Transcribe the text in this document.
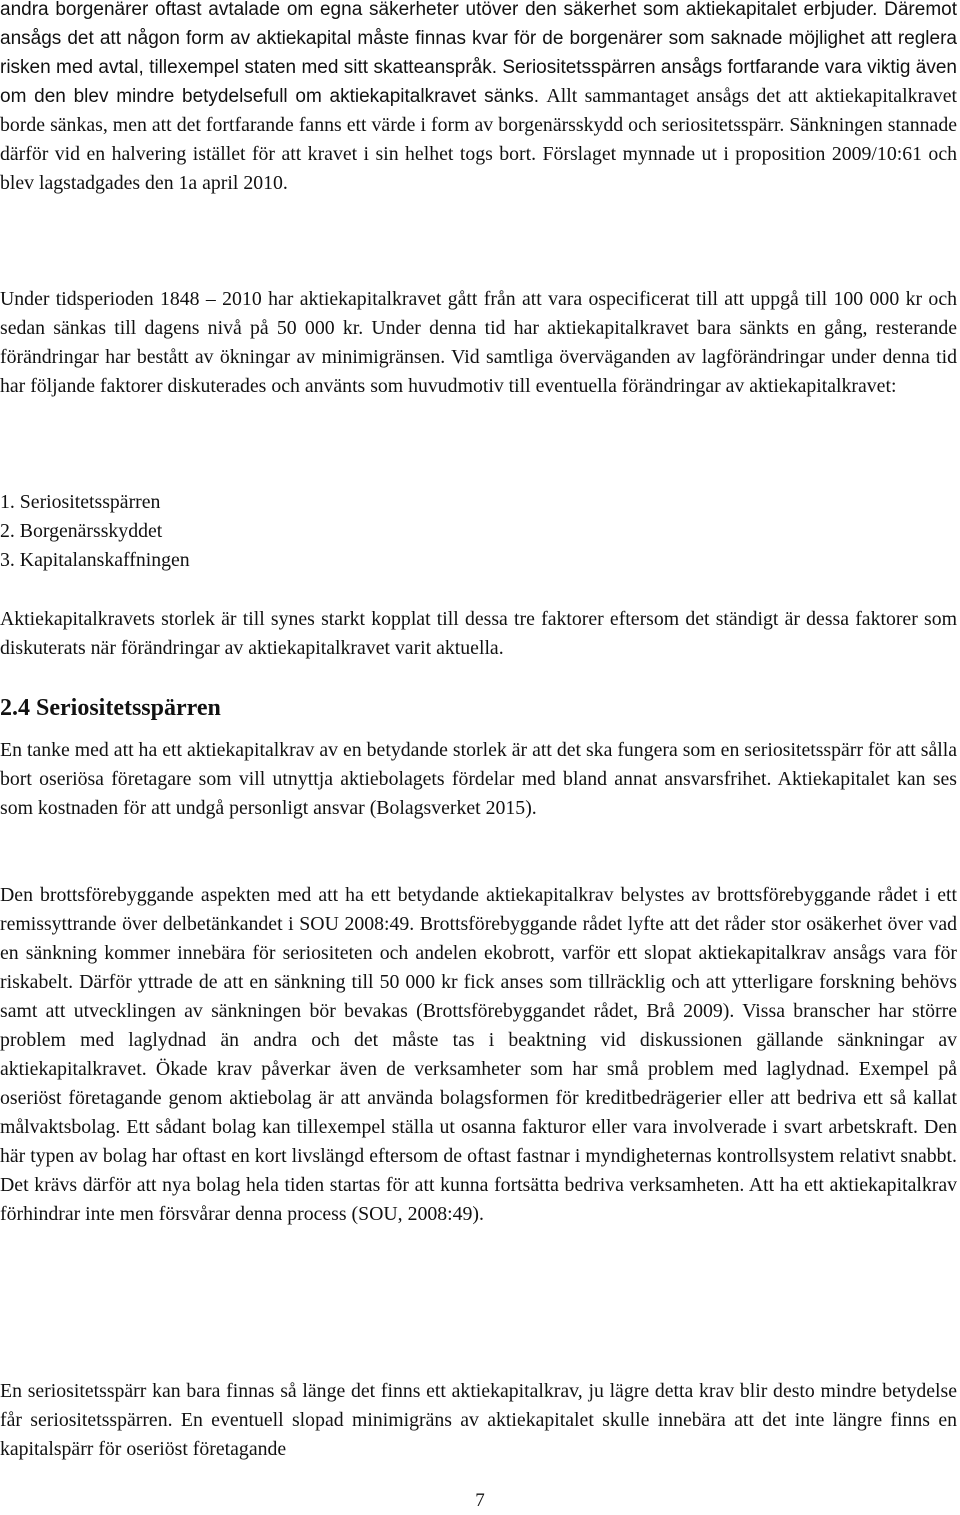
andra borgenärer oftast avtalade om egna säkerheter utöver den säkerhet som aktiekapitalet erbjuder. Däremot ansågs det att någon form av aktiekapital måste finnas kvar för de borgenärer som saknade möjlighet att reglera risken med avtal, tillexempel staten med sitt skatteanspråk. Seriositetsspärren ansågs fortfarande vara viktig även om den blev mindre betydelsefull om aktiekapitalkravet sänks. Allt sammantaget ansågs det att aktiekapitalkravet borde sänkas, men att det fortfarande fanns ett värde i form av borgenärsskydd och seriositetsspärr. Sänkningen stannade därför vid en halvering istället för att kravet i sin helhet togs bort. Förslaget mynnade ut i proposition 2009/10:61 och blev lagstadgades den 1a april 2010.

Under tidsperioden 1848 – 2010 har aktiekapitalkravet gått från att vara ospecificerat till att uppgå till 100 000 kr och sedan sänkas till dagens nivå på 50 000 kr. Under denna tid har aktiekapitalkravet bara sänkts en gång, resterande förändringar har bestått av ökningar av minimigränsen. Vid samtliga överväganden av lagförändringar under denna tid har följande faktorer diskuterades och använts som huvudmotiv till eventuella förändringar av aktiekapitalkravet:

1. Seriositetsspärren
2. Borgenärsskyddet
3. Kapitalanskaffningen

Aktiekapitalkravets storlek är till synes starkt kopplat till dessa tre faktorer eftersom det ständigt är dessa faktorer som diskuterats när förändringar av aktiekapitalkravet varit aktuella.

2.4 Seriositetsspärren

En tanke med att ha ett aktiekapitalkrav av en betydande storlek är att det ska fungera som en seriositetsspärr för att sålla bort oseriösa företagare som vill utnyttja aktiebolagets fördelar med bland annat ansvarsfrihet. Aktiekapitalet kan ses som kostnaden för att undgå personligt ansvar (Bolagsverket 2015).

Den brottsförebyggande aspekten med att ha ett betydande aktiekapitalkrav belystes av brottsförebyggande rådet i ett remissyttrande över delbetänkandet i SOU 2008:49. Brottsförebyggande rådet lyfte att det råder stor osäkerhet över vad en sänkning kommer innebära för seriositeten och andelen ekobrott, varför ett slopat aktiekapitalkrav ansågs vara för riskabelt. Därför yttrade de att en sänkning till 50 000 kr fick anses som tillräcklig och att ytterligare forskning behövs samt att utvecklingen av sänkningen bör bevakas (Brottsförebyggandet rådet, Brå 2009). Vissa branscher har större problem med laglydnad än andra och det måste tas i beaktning vid diskussionen gällande sänkningar av aktiekapitalkravet. Ökade krav påverkar även de verksamheter som har små problem med laglydnad. Exempel på oseriöst företagande genom aktiebolag är att använda bolagsformen för kreditbedrägerier eller att bedriva ett så kallat målvaktsbolag. Ett sådant bolag kan tillexempel ställa ut osanna fakturor eller vara involverade i svart arbetskraft. Den här typen av bolag har oftast en kort livslängd eftersom de oftast fastnar i myndigheternas kontrollsystem relativt snabbt. Det krävs därför att nya bolag hela tiden startas för att kunna fortsätta bedriva verksamheten. Att ha ett aktiekapitalkrav förhindrar inte men försvårar denna process (SOU, 2008:49).

En seriositetsspärr kan bara finnas så länge det finns ett aktiekapitalkrav, ju lägre detta krav blir desto mindre betydelse får seriositetsspärren. En eventuell slopad minimigräns av aktiekapitalet skulle innebära att det inte längre finns en kapitalspärr för oseriöst företagande

7
